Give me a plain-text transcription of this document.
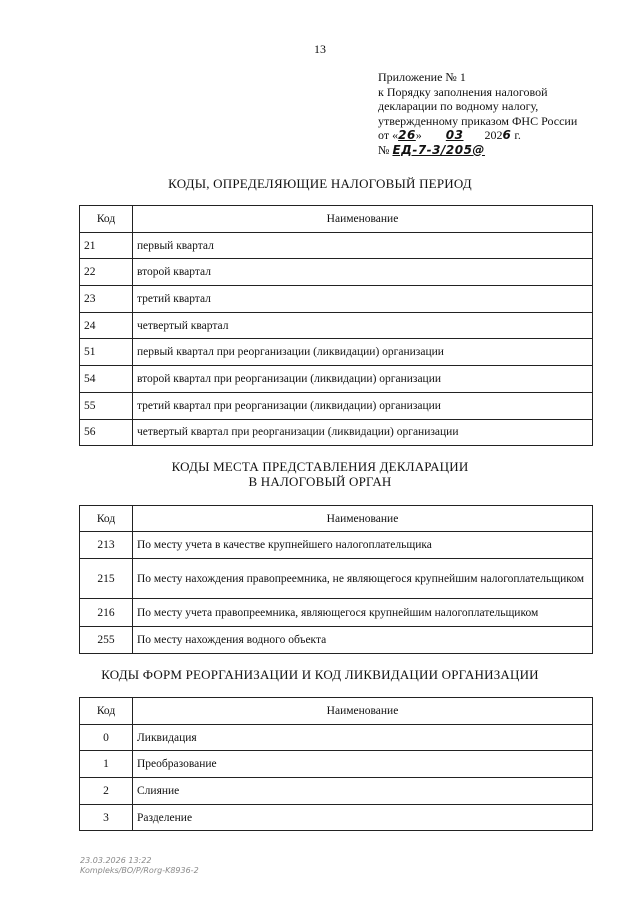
13
Приложение № 1
к Порядку заполнения налоговой
декларации по водному налогу,
утвержденному приказом ФНС России
от «26» 03 2026 г.
№ ЕД-7-3/205@
КОДЫ, ОПРЕДЕЛЯЮЩИЕ НАЛОГОВЫЙ ПЕРИОД
Код	Наименование
21	первый квартал
22	второй квартал
23	третий квартал
24	четвертый квартал
51	первый квартал при реорганизации (ликвидации) организации
54	второй квартал при реорганизации (ликвидации) организации
55	третий квартал при реорганизации (ликвидации) организации
56	четвертый квартал при реорганизации (ликвидации) организации
КОДЫ МЕСТА ПРЕДСТАВЛЕНИЯ ДЕКЛАРАЦИИ
В НАЛОГОВЫЙ ОРГАН
Код	Наименование
213	По месту учета в качестве крупнейшего налогоплательщика
215	По месту нахождения правопреемника, не являющегося крупнейшим налогоплательщиком
216	По месту учета правопреемника, являющегося крупнейшим налогоплательщиком
255	По месту нахождения водного объекта
КОДЫ ФОРМ РЕОРГАНИЗАЦИИ И КОД ЛИКВИДАЦИИ ОРГАНИЗАЦИИ
Код	Наименование
0	Ликвидация
1	Преобразование
2	Слияние
3	Разделение
23.03.2026 13:22
Kompleks/ВО/Р/Rorg-K8936-2
